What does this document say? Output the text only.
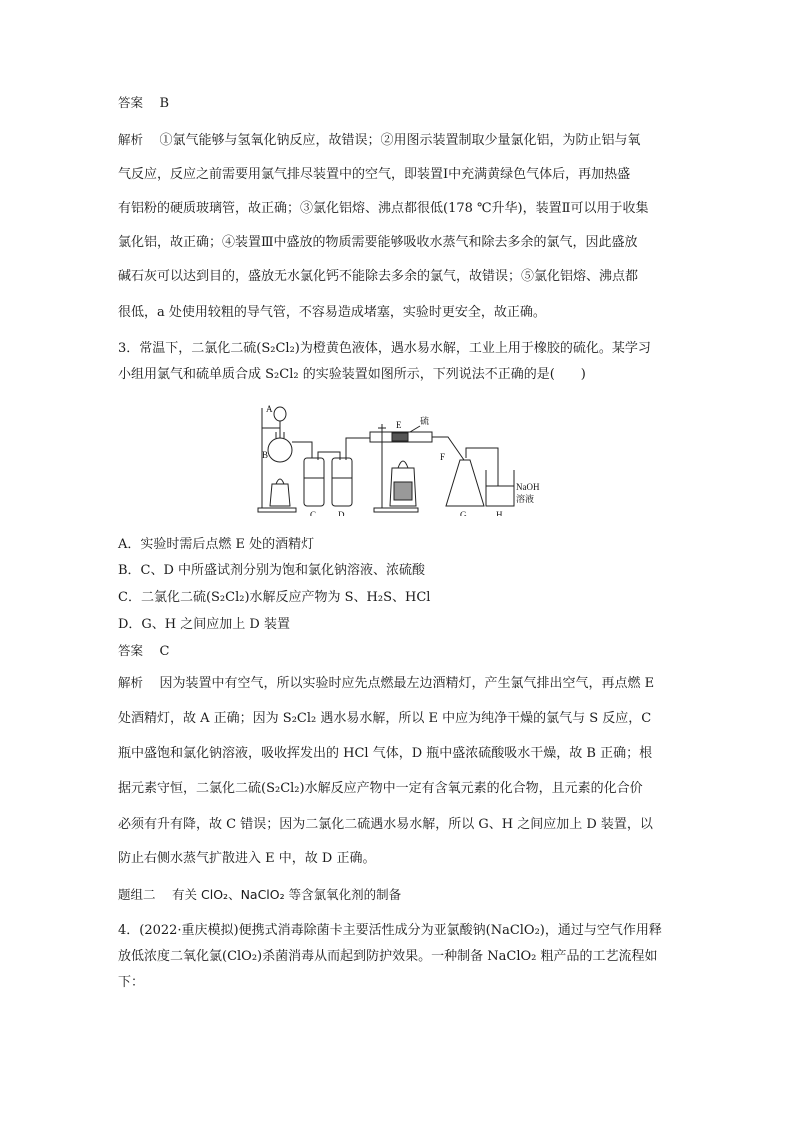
答案 B
解析 ①氯气能够与氢氧化钠反应，故错误；②用图示装置制取少量氯化铝，为防止铝与氧
气反应，反应之前需要用氯气排尽装置中的空气，即装置Ⅰ中充满黄绿色气体后，再加热盛
有铝粉的硬质玻璃管，故正确；③氯化铝熔、沸点都很低(178 ℃升华)，装置Ⅱ可以用于收集
氯化铝，故正确；④装置Ⅲ中盛放的物质需要能够吸收水蒸气和除去多余的氯气，因此盛放
碱石灰可以达到目的，盛放无水氯化钙不能除去多余的氯气，故错误；⑤氯化铝熔、沸点都
很低，a 处使用较粗的导气管，不容易造成堵塞，实验时更安全，故正确。
3．常温下，二氯化二硫(S₂Cl₂)为橙黄色液体，遇水易水解，工业上用于橡胶的硫化。某学习
小组用氯气和硫单质合成 S₂Cl₂ 的实验装置如图所示，下列说法不正确的是(　　)
A
B
C D
E 硫
F
G	H
NaOH
溶液
A．实验时需后点燃 E 处的酒精灯
B．C、D 中所盛试剂分别为饱和氯化钠溶液、浓硫酸
C．二氯化二硫(S₂Cl₂)水解反应产物为 S、H₂S、HCl
D．G、H 之间应加上 D 装置
答案 C
解析 因为装置中有空气，所以实验时应先点燃最左边酒精灯，产生氯气排出空气，再点燃 E
处酒精灯，故 A 正确；因为 S₂Cl₂ 遇水易水解，所以 E 中应为纯净干燥的氯气与 S 反应，C
瓶中盛饱和氯化钠溶液，吸收挥发出的 HCl 气体，D 瓶中盛浓硫酸吸水干燥，故 B 正确；根
据元素守恒，二氯化二硫(S₂Cl₂)水解反应产物中一定有含氧元素的化合物，且元素的化合价
必须有升有降，故 C 错误；因为二氯化二硫遇水易水解，所以 G、H 之间应加上 D 装置，以
防止右侧水蒸气扩散进入 E 中，故 D 正确。
题组二 有关 ClO₂、NaClO₂ 等含氯氧化剂的制备
4．(2022·重庆模拟)便携式消毒除菌卡主要活性成分为亚氯酸钠(NaClO₂)，通过与空气作用释
放低浓度二氧化氯(ClO₂)杀菌消毒从而起到防护效果。一种制备 NaClO₂ 粗产品的工艺流程如
下：
